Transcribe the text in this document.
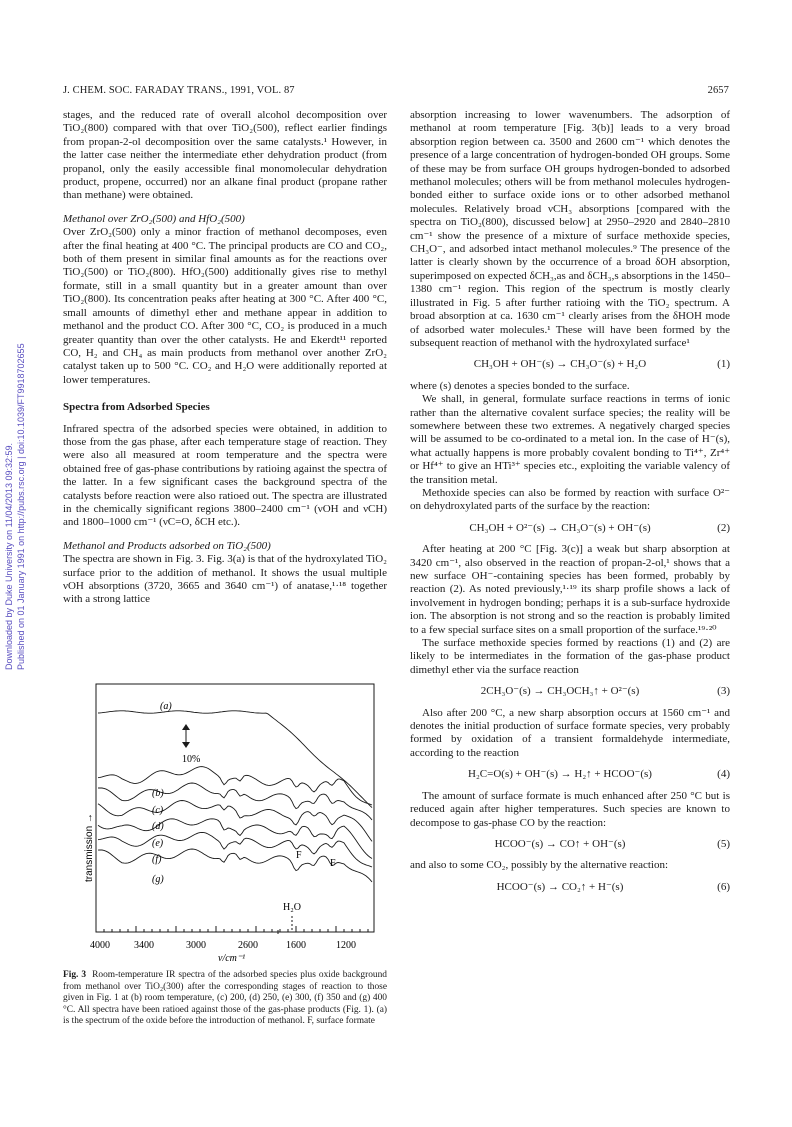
Downloaded by Duke University on 11/04/2013 09:32:59. Published on 01 January 1991 on http://pubs.rsc.org | doi:10.1039/FT9918702655
J. CHEM. SOC. FARADAY TRANS., 1991, VOL. 87	2657

stages, and the reduced rate of overall alcohol decomposition over TiO₂(800) compared with that over TiO₂(500), reflect earlier findings from propan-2-ol decomposition over the same catalysts.¹ However, in the latter case neither the intermediate ether dehydration product (from propanol, only the easily accessible final monomolecular dehydration product, propene, occurred) nor an alkane final product (propane rather than methane) were obtained.

Methanol over ZrO₂(500) and HfO₂(500)

Over ZrO₂(500) only a minor fraction of methanol decomposes, even after the final heating at 400 °C. The principal products are CO and CO₂, both of them present in similar final amounts as for the reactions over TiO₂(500) or TiO₂(800). HfO₂(500) additionally gives rise to methyl formate, still in a small quantity but in a greater amount than over TiO₂(800). Its concentration peaks after heating at 300 °C. After 400 °C, small amounts of dimethyl ether and methane appear in addition to methanol and the product CO. After 300 °C, CO₂ is produced in a much greater quantity than over the other catalysts. He and Ekerdt¹¹ reported CO, H₂ and CH₄ as main products from methanol over another ZrO₂ catalyst taken up to 500 °C. CO₂ and H₂O were additionally reported at lower temperatures.

Spectra from Adsorbed Species

Infrared spectra of the adsorbed species were obtained, in addition to those from the gas phase, after each temperature stage of reaction. They were also all measured at room temperature and the spectra were obtained free of gas-phase contributions by ratioing against the spectra of the latter. In a few significant cases the background spectra of the catalysts before reaction were also ratioed out. The spectra are illustrated in the chemically significant regions 3800–2400 cm⁻¹ (νOH and νCH) and 1800–1000 cm⁻¹ (νC=O, δCH etc.).

Methanol and Products adsorbed on TiO₂(500)

The spectra are shown in Fig. 3. Fig. 3(a) is that of the hydroxylated TiO₂ surface prior to the addition of methanol. It shows the usual multiple νOH absorptions (3720, 3665 and 3640 cm⁻¹) of anatase,¹·¹⁸ together with a strong lattice

(a)
(b)
(c)
(d)
(e)
(f)
(g)
10%
F
F
H₂O
transmission →
4000 3400	3000	2600	1600	1200
ν/cm⁻¹
Fig. 3 Room-temperature IR spectra of the adsorbed species plus oxide background from methanol over TiO₂(300) after the corresponding stages of reaction to those given in Fig. 1 at (b) room temperature, (c) 200, (d) 250, (e) 300, (f) 350 and (g) 400 °C. All spectra have been ratioed against those of the gas-phase products (Fig. 1). (a) is the spectrum of the oxide before the introduction of methanol. F, surface formate

absorption increasing to lower wavenumbers. The adsorption of methanol at room temperature [Fig. 3(b)] leads to a very broad absorption region between ca. 3500 and 2600 cm⁻¹ which denotes the presence of a large concentration of hydrogen-bonded OH groups. Some of these may be from surface OH groups hydrogen-bonded to adsorbed methanol molecules; others will be from methanol molecules hydrogen-bonded either to surface oxide ions or to other adsorbed methanol molecules. Relatively broad νCH₃ absorptions [compared with the spectra on TiO₂(800), discussed below] at 2950–2920 and 2840–2810 cm⁻¹ show the presence of a mixture of surface methoxide species, CH₃O⁻, and adsorbed intact methanol molecules.⁹ The presence of the latter is clearly shown by the occurrence of a broad δOH absorption, superimposed on expected δCH₃,as and δCH₃,s absorptions in the 1450–1380 cm⁻¹ region. This region of the spectrum is mostly clearly illustrated in Fig. 5 after further ratioing with the TiO₂ spectrum. A broad absorption at ca. 1630 cm⁻¹ clearly arises from the δHOH mode of adsorbed water molecules.¹ These will have been formed by the subsequent reaction of methanol with the hydroxylated surface¹

CH₃OH + OH⁻(s) → CH₃O⁻(s) + H₂O	(1)

where (s) denotes a species bonded to the surface.

We shall, in general, formulate surface reactions in terms of ionic rather than the alternative covalent surface species; the reality will be somewhere between these two extremes. A negatively charged species will be assumed to be co-ordinated to a metal ion. In the case of H⁻(s), what actually happens is more probably covalent bonding to Ti⁴⁺, Zr⁴⁺ or Hf⁴⁺ to give an HTi³⁺ species etc., exploiting the variable valency of the transition metal.

Methoxide species can also be formed by reaction with surface O²⁻ on dehydroxylated parts of the surface by the reaction:

CH₃OH + O²⁻(s) → CH₃O⁻(s) + OH⁻(s)	(2)

After heating at 200 °C [Fig. 3(c)] a weak but sharp absorption at 3420 cm⁻¹, also observed in the reaction of propan-2-ol,¹ shows that a new surface OH⁻-containing species has been formed, probably by reaction (2). As noted previously,¹·¹⁹ its sharp profile shows a lack of involvement in hydrogen bonding; perhaps it is a sub-surface hydroxide ion. The absorption is not strong and so the reaction is probably limited to a few special surface sites on a small proportion of the surface.¹⁹·²⁰

The surface methoxide species formed by reactions (1) and (2) are likely to be intermediates in the formation of the gas-phase product dimethyl ether via the surface reaction

2CH₃O⁻(s) → CH₃OCH₃↑ + O²⁻(s)	(3)

Also after 200 °C, a new sharp absorption occurs at 1560 cm⁻¹ and denotes the initial production of surface formate species, very probably formed by oxidation of a transient formaldehyde intermediate, according to the reaction

H₂C=O(s) + OH⁻(s) → H₂↑ + HCOO⁻(s)	(4)

The amount of surface formate is much enhanced after 250 °C but is reduced again after higher temperatures. Such species are known to decompose to gas-phase CO by the reaction:

HCOO⁻(s) → CO↑ + OH⁻(s)	(5)

and also to some CO₂, possibly by the alternative reaction:

HCOO⁻(s) → CO₂↑ + H⁻(s)	(6)
